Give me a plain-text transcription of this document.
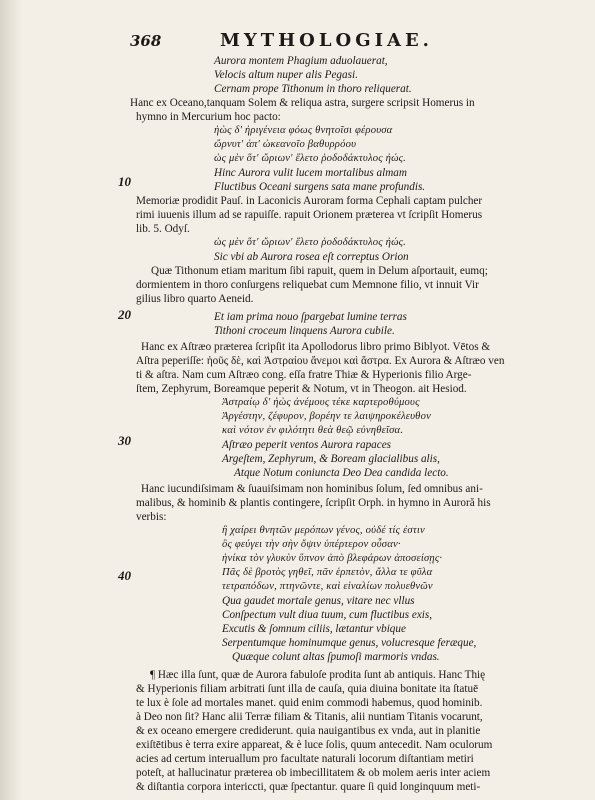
368	MYTHOLOGIAE.
10
20
30
40
Aurora montem Phagium aduolauerat,
Velocis altum nuper alis Pegasi.
Cernam prope Tithonum in thoro reliquerat.
Hanc ex Oceano,tanquam Solem & reliqua astra, surgere scripsit Homerus in
hymno in Mercurium hoc pacto:
ἠὼς δ' ἠριγένεια φόως θνητοῖσι φέρουσα
ὤρνυτ' ἀπ' ὠκεανοῖο βαθυρρόου
ὡς μὲν ὅτ' ὤριων' ἕλετο ῥοδοδάκτυλος ἠώς.
Hinc Aurora vulit lucem mortalibus almam
Fluctibus Oceani surgens sata mane profundis.
Memoriæ prodidit Pauſ. in Laconicis Auroram forma Cephali captam pulcher
rimi iuuenis illum ad se rapuiſſe. rapuit Orionem præterea vt ſcripſit Homerus
lib. 5. Odyſ.
ὡς μὲν ὅτ' ὤριων' ἕλετο ῥοδοδάκτυλος ἠώς.
Sic vbi ab Aurora rosea eſt correptus Orion
Quæ Tithonum etiam maritum ſibi rapuit, quem in Delum aſportauit, eumq;
dormientem in thoro conſurgens reliquebat cum Memnone filio, vt innuit Vir
gilius libro quarto Aeneid.
Et iam prima nouo ſpargebat lumine terras
Tithoni croceum linquens Aurora cubile.
Hanc ex Aſtræo præterea ſcripſit ita Apollodorus libro primo Biblyot. Vētos &
Aſtra peperiſſe: ἠοῦς δὲ, καὶ Ἀστραίου ἄνεμοι καὶ ἄστρα. Ex Aurora & Aſtræo ven
ti & aſtra. Nam cum Aſtræo cong. eſſa fratre Thiæ & Hyperionis filio Arge-
ſtem, Zephyrum, Boreamque peperit & Notum, vt in Theogon. ait Hesiod.
Ἀστραίῳ δ' ἠὼς ἀνέμους τέκε καρτεροθύμους
Ἀργέστην, ζέφυρον, βορέην τε λαιψηροκέλευθον
καὶ νότον ἐν φιλότητι θεὰ θεῷ εὐνηθεῖσα.
Aſtræo peperit ventos Aurora rapaces
Argeſtem, Zephyrum, & Boream glacialibus alis,
Atque Notum coniuncta Deo Dea candida lecto.
Hanc iucundiſsimam & ſuauiſsimam non hominibus ſolum, ſed omnibus ani-
malibus, & hominib & plantis contingere, ſcripſit Orph. in hymno in Auroră his
verbis:
ἢ χαίρει θνητῶν μερόπων γένος, οὐδέ τίς ἐστιν
ὃς φεύγει τὴν σὴν ὄψιν ὑπέρτερον οὖσαν·
ἡνίκα τὸν γλυκὺν ὕπνον ἀπὸ βλεφάρων ἀποσείσῃς·
Πᾶς δὲ βροτὸς γηθεῖ, πᾶν ἑρπετὸν, ἄλλα τε φῦλα
τετραπόδων, πτηνῶντε, καὶ εἰναλίων πολυεθνῶν
Qua gaudet mortale genus, vitare nec vllus
Conſpectum vult diua tuum, cum fluctibus exis,
Excutis & ſomnum ciliis, lætantur vbique
Serpentumque hominumque genus, volucresque feræque,
Quæque colunt altas ſpumoſi marmoris vndas.
¶ Hæc illa ſunt, quæ de Aurora fabuloſe prodita ſunt ab antiquis. Hanc Thię
& Hyperionis filiam arbitrati ſunt illa de cauſa, quia diuina bonitate ita ſtatuē
te lux è ſole ad mortales manet. quid enim commodi habemus, quod hominib.
à Deo non ſit? Hanc alii Terræ filiam & Titanis, alii nuntiam Titanis vocarunt,
& ex oceano emergere crediderunt. quia nauigantibus ex vnda, aut in planitie
exiſtētibus è terra exire appareat, & è luce ſolis, quum antecedit. Nam oculorum
acies ad certum interuallum pro facultate naturali locorum diſtantiam metiri
poteſt, at hallucinatur præterea ob imbecillitatem & ob molem aeris inter aciem
& diſtantia corpora intericcti, quæ ſpectantur. quare ſi quid longinquum meti-
